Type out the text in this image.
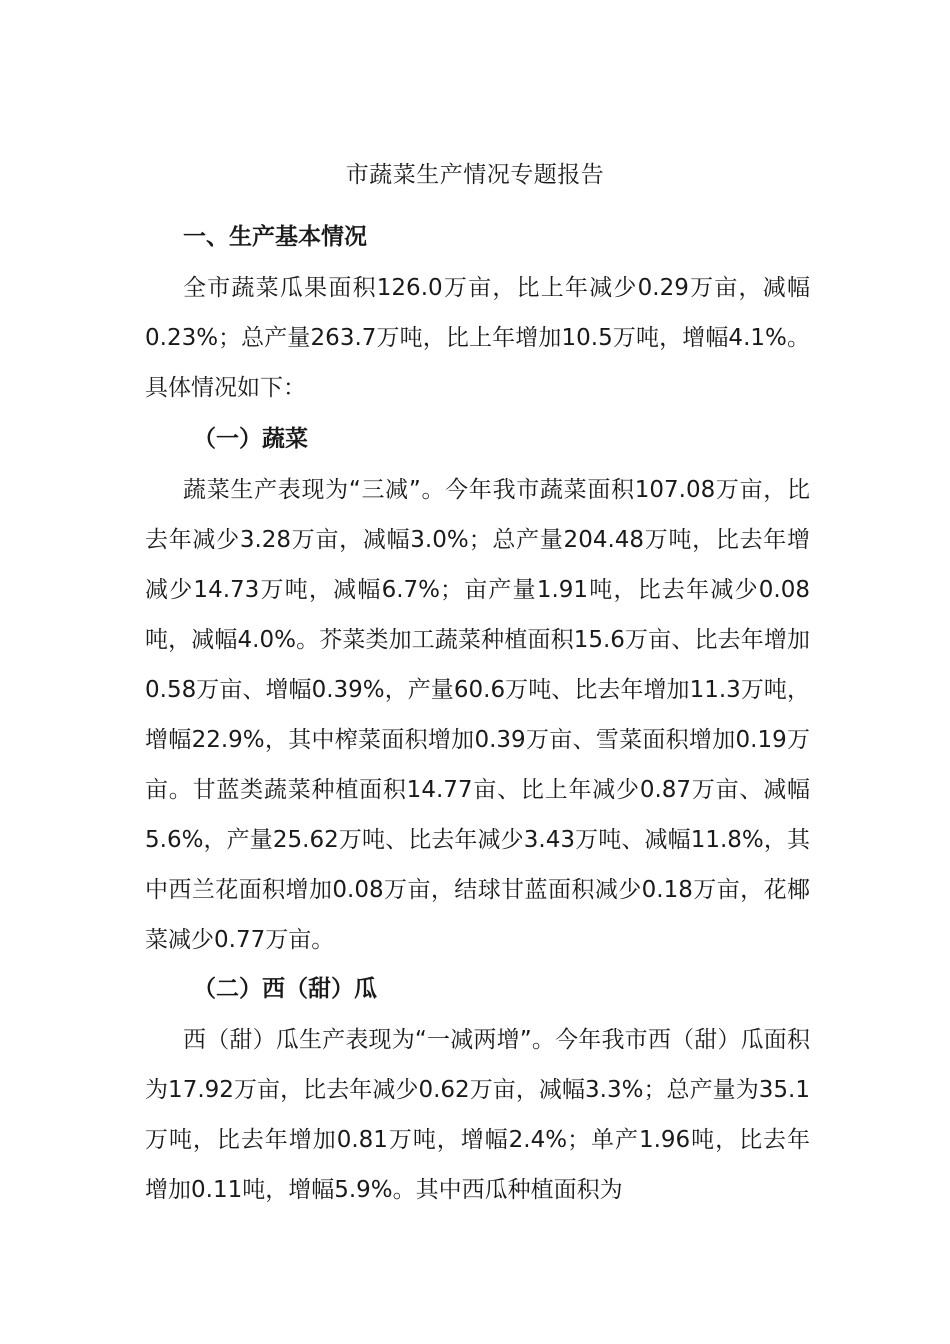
市蔬菜生产情况专题报告
一、生产基本情况
全市蔬菜瓜果面积126.0万亩，比上年减少0.29万亩，减幅0.23%；总产量263.7万吨，比上年增加10.5万吨，增幅4.1%。具体情况如下：
（一）蔬菜
蔬菜生产表现为“三减”。今年我市蔬菜面积107.08万亩，比去年减少3.28万亩，减幅3.0%；总产量204.48万吨，比去年增减少14.73万吨，减幅6.7%；亩产量1.91吨，比去年减少0.08吨，减幅4.0%。芥菜类加工蔬菜种植面积15.6万亩、比去年增加0.58万亩、增幅0.39%，产量60.6万吨、比去年增加11.3万吨，增幅22.9%，其中榨菜面积增加0.39万亩、雪菜面积增加0.19万亩。甘蓝类蔬菜种植面积14.77亩、比上年减少0.87万亩、减幅5.6%，产量25.62万吨、比去年减少3.43万吨、减幅11.8%，其中西兰花面积增加0.08万亩，结球甘蓝面积减少0.18万亩，花椰菜减少0.77万亩。
（二）西（甜）瓜
西（甜）瓜生产表现为“一减两增”。今年我市西（甜）瓜面积为17.92万亩，比去年减少0.62万亩，减幅3.3%；总产量为35.1万吨，比去年增加0.81万吨，增幅2.4%；单产1.96吨，比去年增加0.11吨，增幅5.9%。其中西瓜种植面积为
